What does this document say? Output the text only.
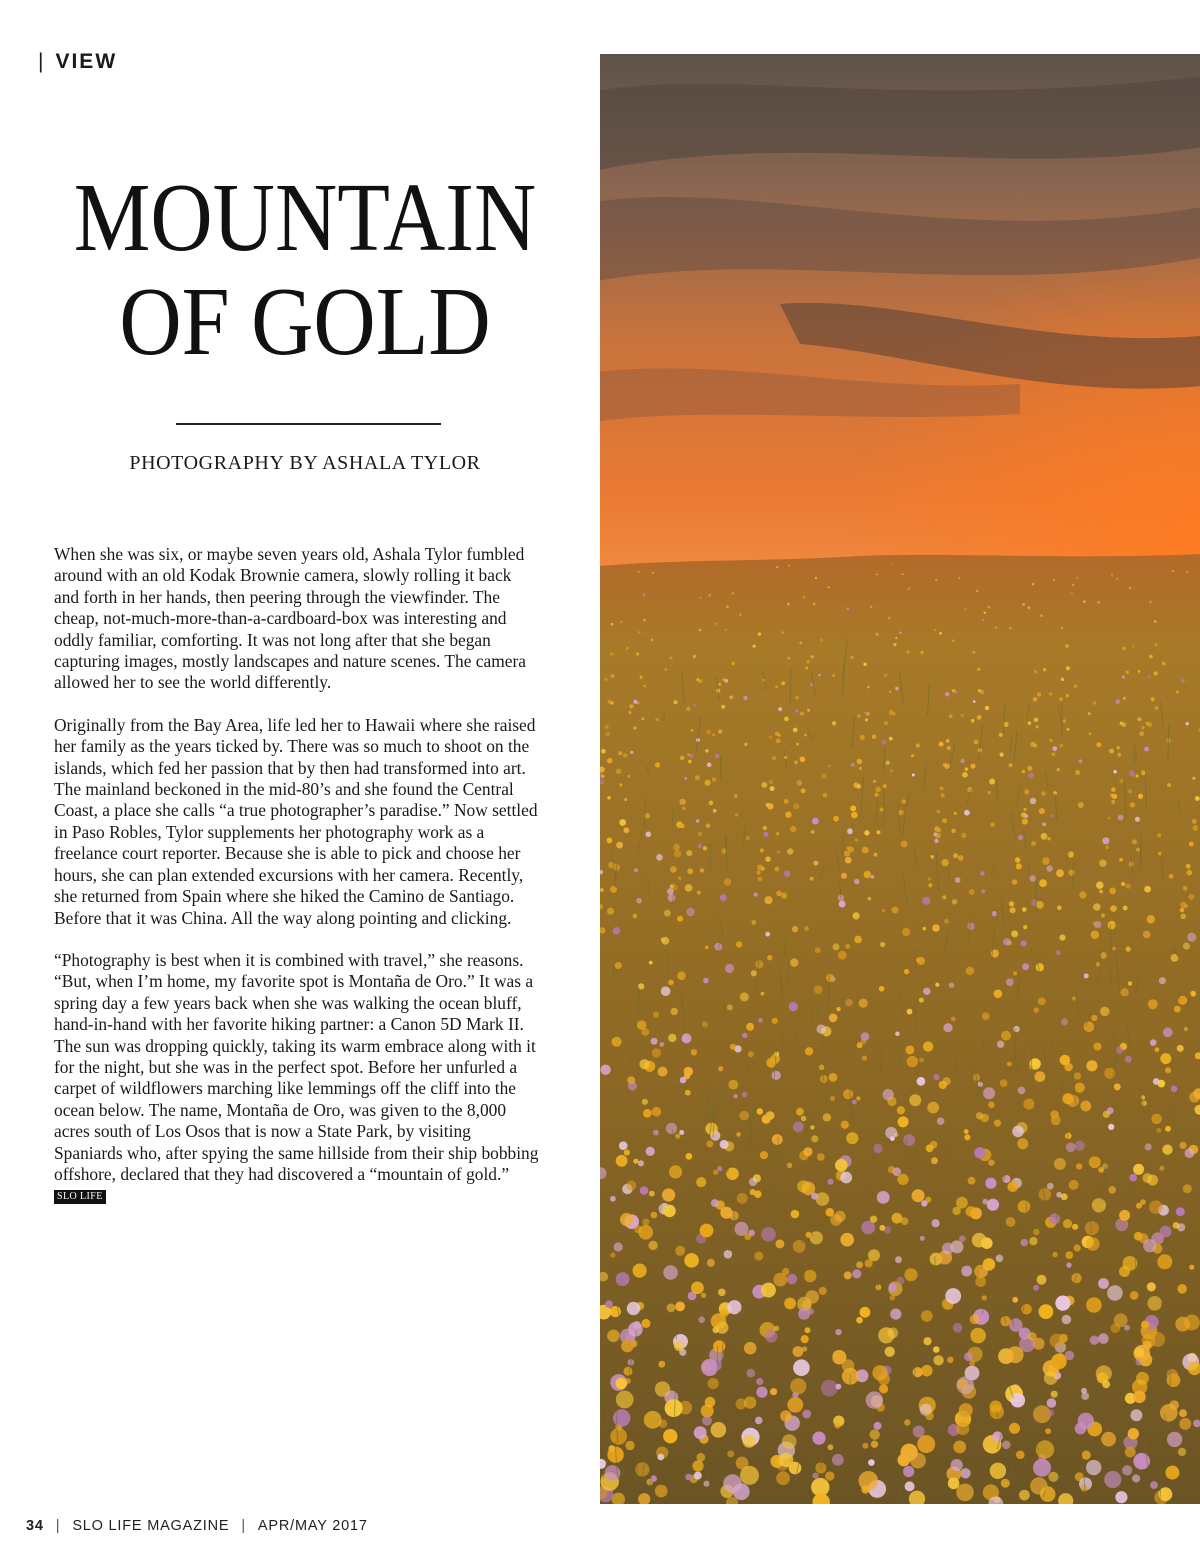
| VIEW
MOUNTAIN
OF GOLD
PHOTOGRAPHY BY ASHALA TYLOR

When she was six, or maybe seven years old, Ashala Tylor fumbled around with an old Kodak Brownie camera, slowly rolling it back and forth in her hands, then peering through the viewfinder. The cheap, not-much-more-than-a-cardboard-box was interesting and oddly familiar, comforting. It was not long after that she began capturing images, mostly landscapes and nature scenes. The camera allowed her to see the world differently.

Originally from the Bay Area, life led her to Hawaii where she raised her family as the years ticked by. There was so much to shoot on the islands, which fed her passion that by then had transformed into art. The mainland beckoned in the mid-80’s and she found the Central Coast, a place she calls “a true photographer’s paradise.” Now settled in Paso Robles, Tylor supplements her photography work as a freelance court reporter. Because she is able to pick and choose her hours, she can plan extended excursions with her camera. Recently, she returned from Spain where she hiked the Camino de Santiago. Before that it was China. All the way along pointing and clicking.

“Photography is best when it is combined with travel,” she reasons. “But, when I’m home, my favorite spot is Montaña de Oro.” It was a spring day a few years back when she was walking the ocean bluff, hand-in-hand with her favorite hiking partner: a Canon 5D Mark II. The sun was dropping quickly, taking its warm embrace along with it for the night, but she was in the perfect spot. Before her unfurled a carpet of wildflowers marching like lemmings off the cliff into the ocean below. The name, Montaña de Oro, was given to the 8,000 acres south of Los Osos that is now a State Park, by visiting Spaniards who, after spying the same hillside from their ship bobbing offshore, declared that they had discovered a “mountain of gold.” SLO LIFE

34 | SLO LIFE MAGAZINE | APR/MAY 2017
